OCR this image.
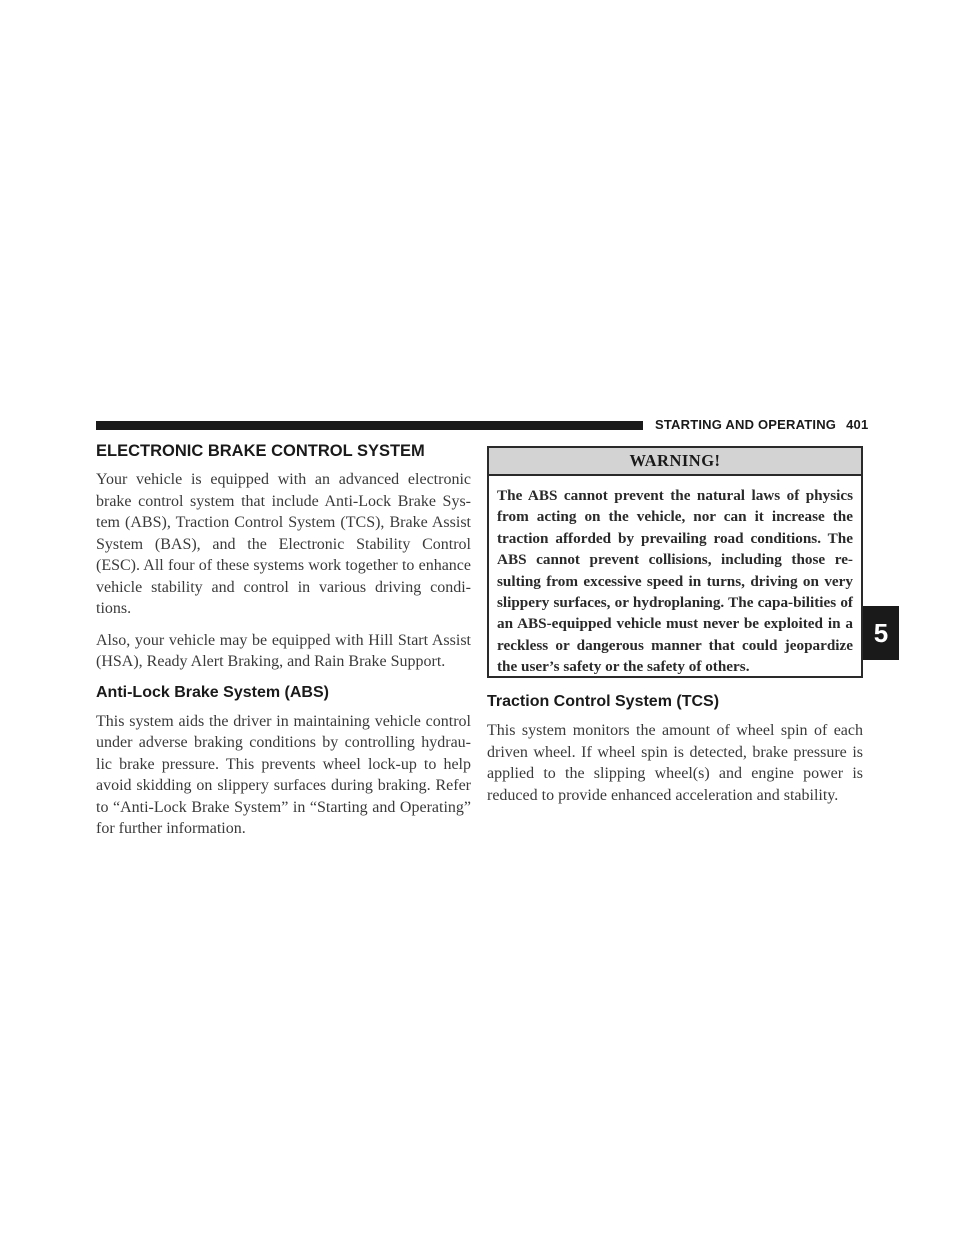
STARTING AND OPERATING 401
ELECTRONIC BRAKE CONTROL SYSTEM

Your vehicle is equipped with an advanced electronic brake control system that include Anti-Lock Brake Sys-tem (ABS), Traction Control System (TCS), Brake Assist System (BAS), and the Electronic Stability Control (ESC). All four of these systems work together to enhance vehicle stability and control in various driving condi-tions.

Also, your vehicle may be equipped with Hill Start Assist (HSA), Ready Alert Braking, and Rain Brake Support.

Anti-Lock Brake System (ABS)

This system aids the driver in maintaining vehicle control under adverse braking conditions by controlling hydrau-lic brake pressure. This prevents wheel lock-up to help avoid skidding on slippery surfaces during braking. Refer to “Anti-Lock Brake System” in “Starting and Operating” for further information.

WARNING!
The ABS cannot prevent the natural laws of physics from acting on the vehicle, nor can it increase the traction afforded by prevailing road conditions. The ABS cannot prevent collisions, including those re-sulting from excessive speed in turns, driving on very slippery surfaces, or hydroplaning. The capa-bilities of an ABS-equipped vehicle must never be exploited in a reckless or dangerous manner that could jeopardize the user’s safety or the safety of others.
Traction Control System (TCS)

This system monitors the amount of wheel spin of each driven wheel. If wheel spin is detected, brake pressure is applied to the slipping wheel(s) and engine power is reduced to provide enhanced acceleration and stability.

5
